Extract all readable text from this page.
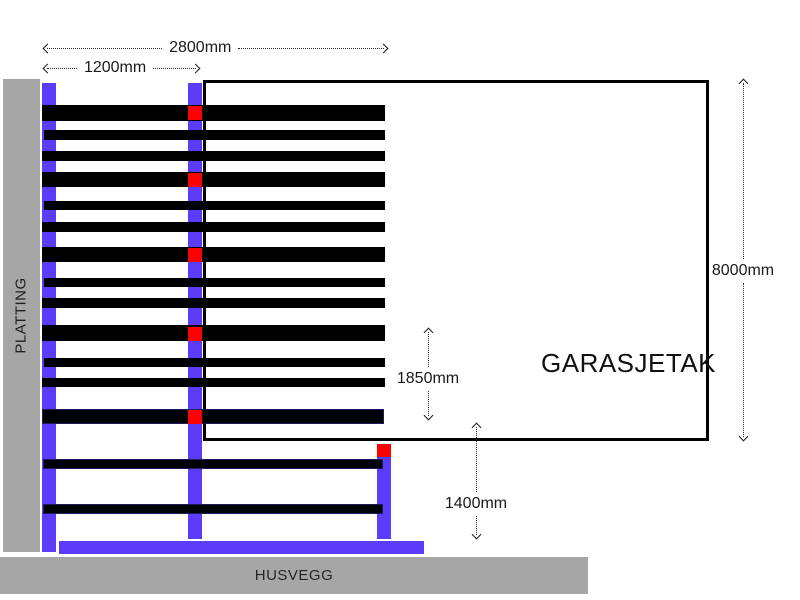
PLATTING
HUSVEGG
GARASJETAK
2800mm
1200mm
8000mm
1850mm
1400mm
